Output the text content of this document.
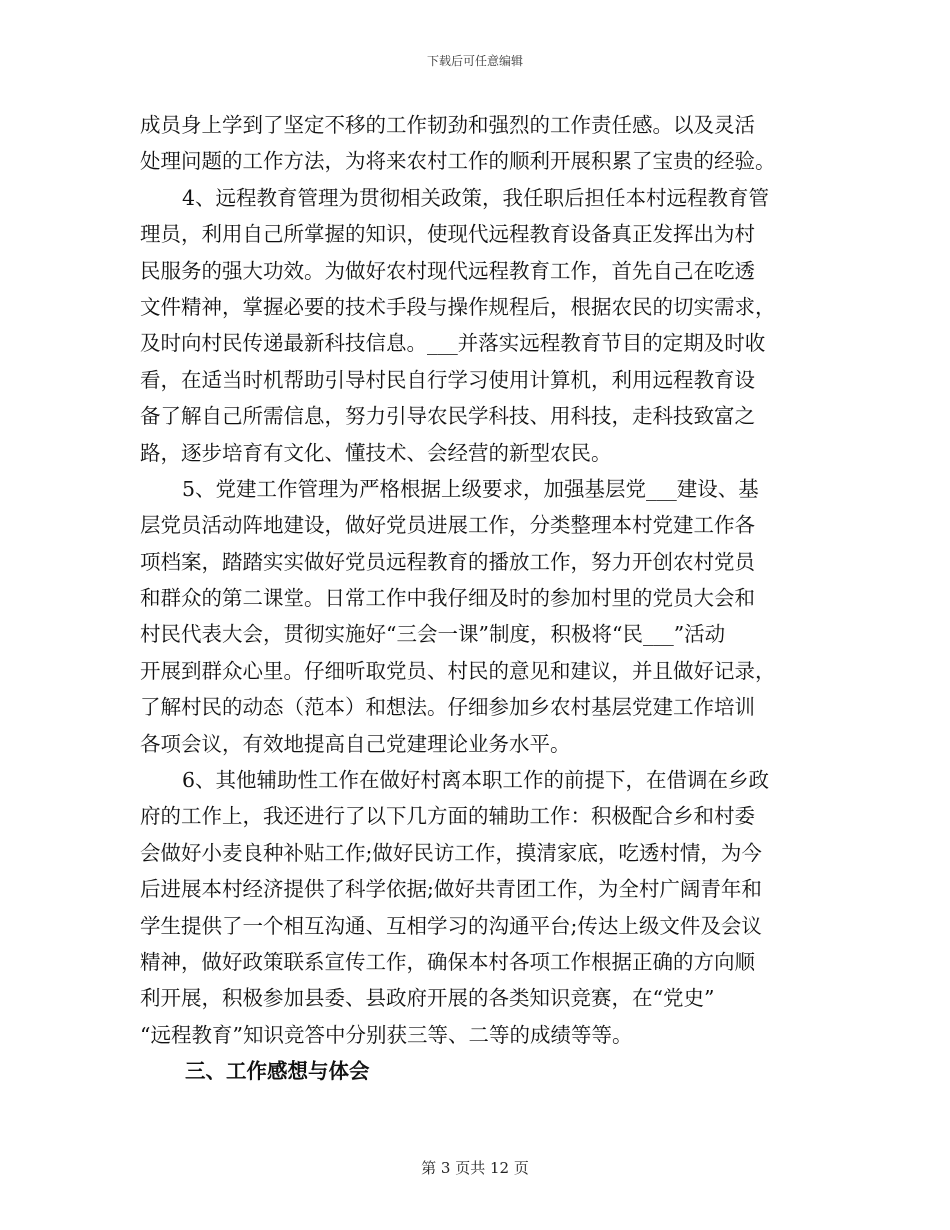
下载后可任意编辑
成员身上学到了坚定不移的工作韧劲和强烈的工作责任感。以及灵活
处理问题的工作方法，为将来农村工作的顺利开展积累了宝贵的经验。
4、远程教育管理为贯彻相关政策，我任职后担任本村远程教育管
理员，利用自己所掌握的知识，使现代远程教育设备真正发挥出为村
民服务的强大功效。为做好农村现代远程教育工作，首先自己在吃透
文件精神，掌握必要的技术手段与操作规程后，根据农民的切实需求，
及时向村民传递最新科技信息。___并落实远程教育节目的定期及时收
看，在适当时机帮助引导村民自行学习使用计算机，利用远程教育设
备了解自己所需信息，努力引导农民学科技、用科技，走科技致富之
路，逐步培育有文化、懂技术、会经营的新型农民。
5、党建工作管理为严格根据上级要求，加强基层党___建设、基
层党员活动阵地建设，做好党员进展工作，分类整理本村党建工作各
项档案，踏踏实实做好党员远程教育的播放工作，努力开创农村党员
和群众的第二课堂。日常工作中我仔细及时的参加村里的党员大会和
村民代表大会，贯彻实施好“三会一课”制度，积极将“民___”活动
开展到群众心里。仔细听取党员、村民的意见和建议，并且做好记录，
了解村民的动态（范本）和想法。仔细参加乡农村基层党建工作培训
各项会议，有效地提高自己党建理论业务水平。
6、其他辅助性工作在做好村离本职工作的前提下，在借调在乡政
府的工作上，我还进行了以下几方面的辅助工作：积极配合乡和村委
会做好小麦良种补贴工作;做好民访工作，摸清家底，吃透村情，为今
后进展本村经济提供了科学依据;做好共青团工作，为全村广阔青年和
学生提供了一个相互沟通、互相学习的沟通平台;传达上级文件及会议
精神，做好政策联系宣传工作，确保本村各项工作根据正确的方向顺
利开展，积极参加县委、县政府开展的各类知识竞赛，在“党史”
“远程教育”知识竞答中分别获三等、二等的成绩等等。
三、工作感想与体会
第 3 页共 12 页
